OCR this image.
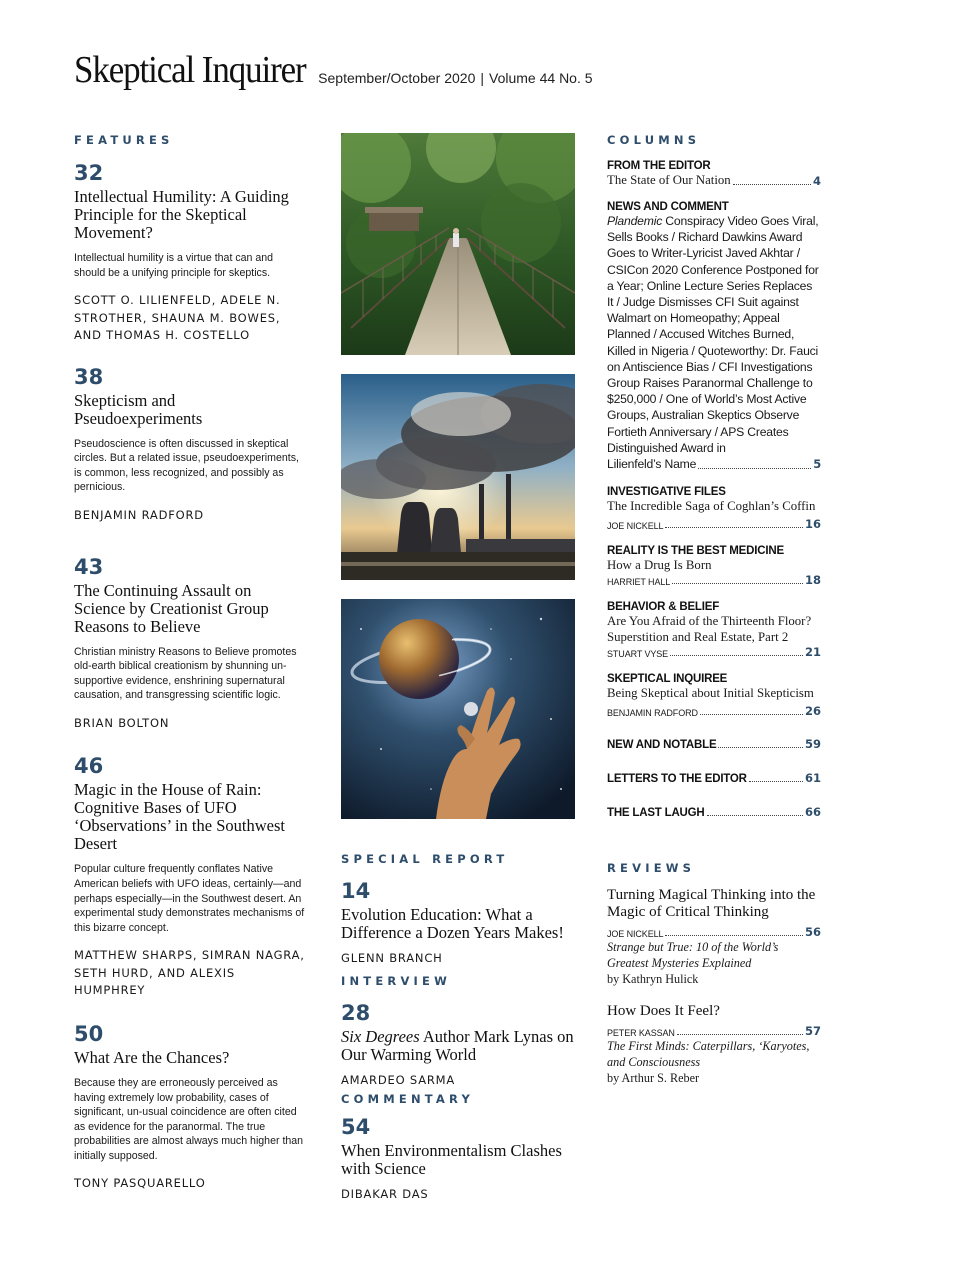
Skeptical Inquirer September/October 2020 | Volume 44 No. 5
FEATURES
32
Intellectual Humility: A Guiding Principle for the Skeptical Movement?
Intellectual humility is a virtue that can and should be a unifying principle for skeptics.
SCOTT O. LILIENFELD, ADELE N. STROTHER, SHAUNA M. BOWES, AND THOMAS H. COSTELLO
38
Skepticism and Pseudoexperiments
Pseudoscience is often discussed in skeptical circles. But a related issue, pseudoexperiments, is common, less recognized, and possibly as pernicious.
BENJAMIN RADFORD
43
The Continuing Assault on Science by Creationist Group Reasons to Believe
Christian ministry Reasons to Believe promotes old-earth biblical creationism by shunning un-supportive evidence, enshrining supernatural causation, and transgressing scientific logic.
BRIAN BOLTON
46
Magic in the House of Rain: Cognitive Bases of UFO ‘Observations’ in the Southwest Desert
Popular culture frequently conflates Native American beliefs with UFO ideas, certainly—and perhaps especially—in the Southwest desert. An experimental study demonstrates mechanisms of this bizarre concept.
MATTHEW SHARPS, SIMRAN NAGRA, SETH HURD, AND ALEXIS HUMPHREY
50
What Are the Chances?
Because they are erroneously perceived as having extremely low probability, cases of significant, un-usual coincidence are often cited as evidence for the paranormal. The true probabilities are almost always much higher than initially supposed.
TONY PASQUARELLO
SPECIAL REPORT
14
Evolution Education: What a Difference a Dozen Years Makes!
GLENN BRANCH
INTERVIEW
28
Six Degrees Author Mark Lynas on Our Warming World
AMARDEO SARMA
COMMENTARY
54
When Environmentalism Clashes with Science
DIBAKAR DAS
COLUMNS
FROM THE EDITOR
The State of Our Nation	4
NEWS AND COMMENT
Plandemic Conspiracy Video Goes Viral, Sells Books / Richard Dawkins Award Goes to Writer-Lyricist Javed Akhtar / CSICon 2020 Conference Postponed for a Year; Online Lecture Series Replaces It / Judge Dismisses CFI Suit against Walmart on Homeopathy; Appeal Planned / Accused Witches Burned, Killed in Nigeria / Quoteworthy: Dr. Fauci on Antiscience Bias / CFI Investigations Group Raises Paranormal Challenge to $250,000 / One of World’s Most Active Groups, Australian Skeptics Observe Fortieth Anniversary / APS Creates Distinguished Award in
Lilienfeld’s Name	5
INVESTIGATIVE FILES
The Incredible Saga of Coghlan’s Coffin
JOE NICKELL	16
REALITY IS THE BEST MEDICINE
How a Drug Is Born
HARRIET HALL	18
BEHAVIOR & BELIEF
Are You Afraid of the Thirteenth Floor? Superstition and Real Estate, Part 2
STUART VYSE	21
SKEPTICAL INQUIREE
Being Skeptical about Initial Skepticism
BENJAMIN RADFORD	26
NEW AND NOTABLE	59
LETTERS TO THE EDITOR	61
THE LAST LAUGH	66
REVIEWS
Turning Magical Thinking into the Magic of Critical Thinking
JOE NICKELL	56
Strange but True: 10 of the World’s Greatest Mysteries Explained
by Kathryn Hulick
How Does It Feel?
PETER KASSAN	57
The First Minds: Caterpillars, ‘Karyotes, and Consciousness
by Arthur S. Reber
